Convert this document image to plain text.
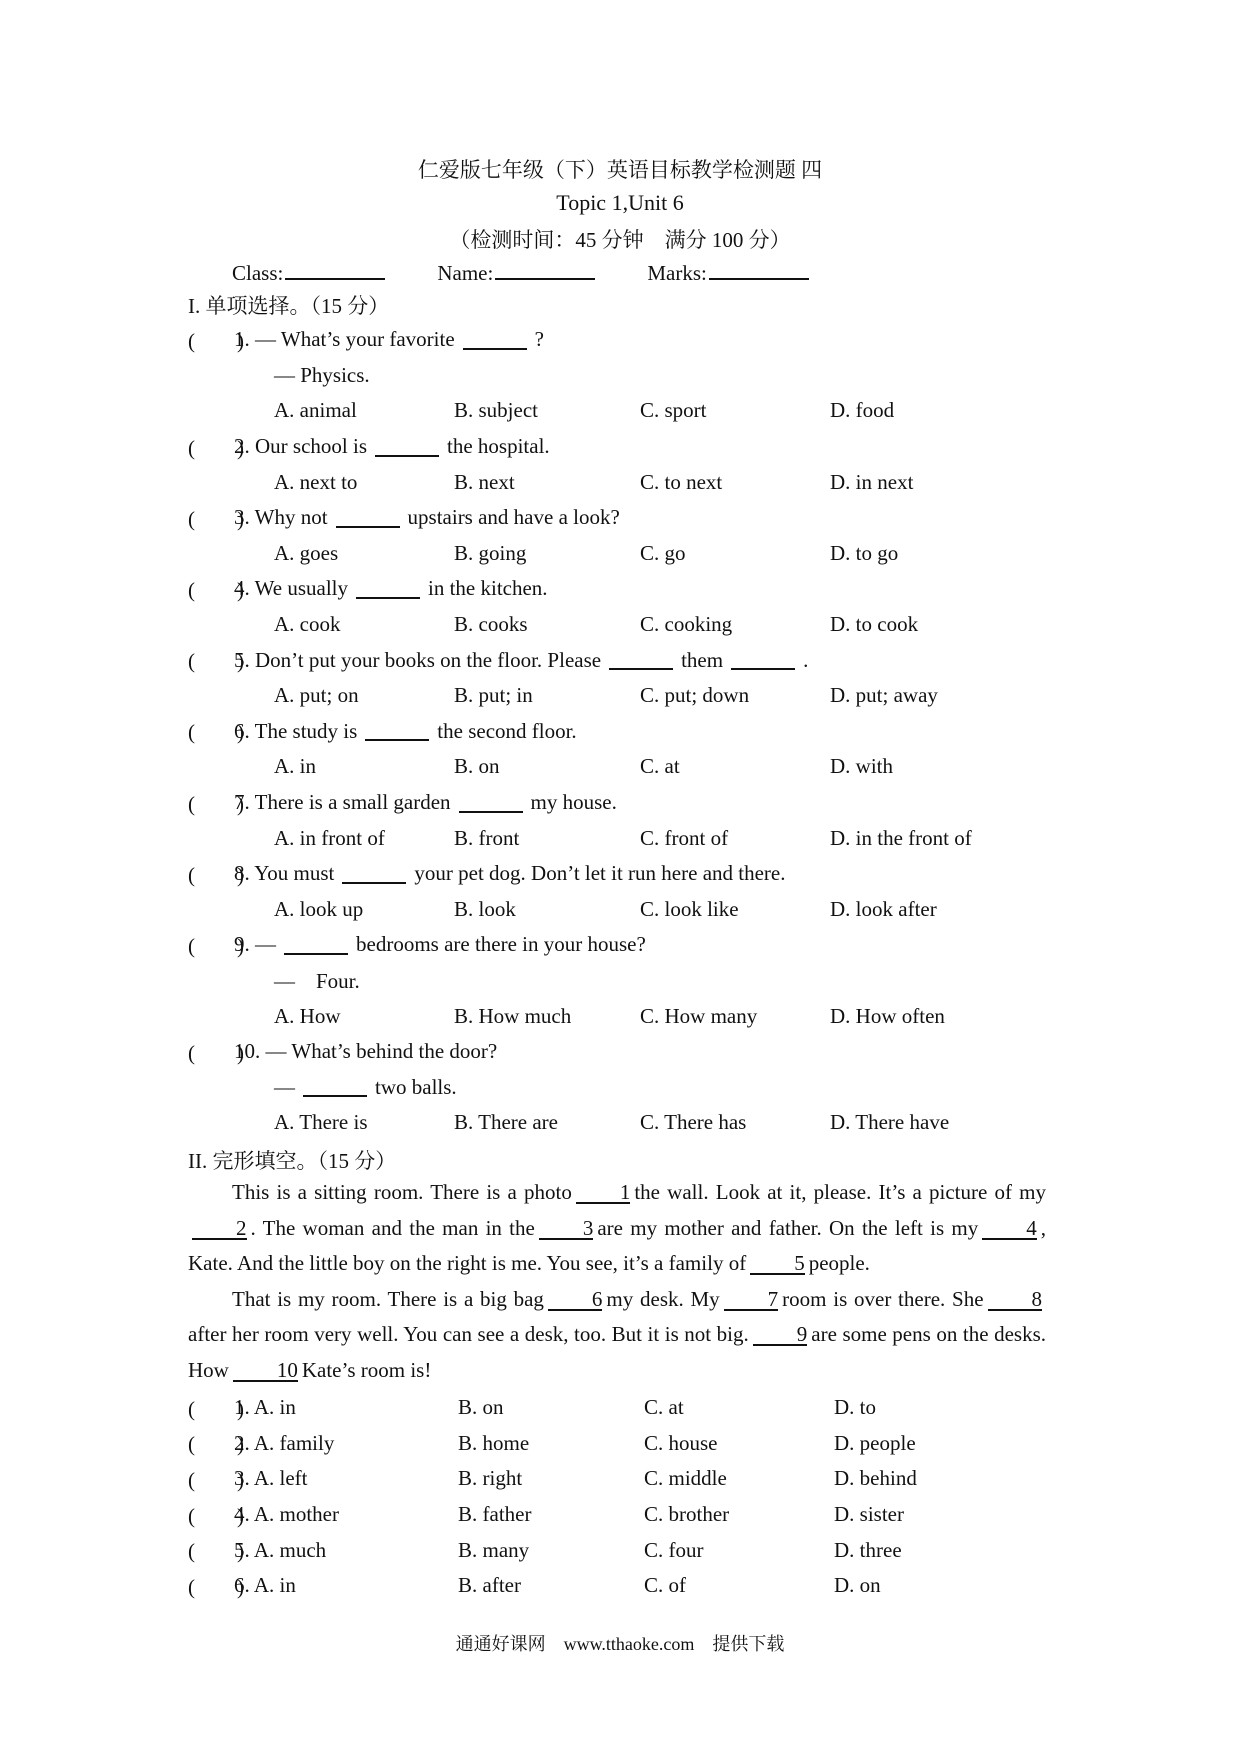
仁爱版七年级（下）英语目标教学检测题 四
Topic 1,Unit 6
（检测时间：45 分钟　满分 100 分）
Class:	Name:	Marks:
I. 单项选择。（15 分）
(　　)
1. — What’s your favorite	?
— Physics.
A. animal	B. subject	C. sport	D. food
(　　)
2. Our school is	the hospital.
A. next to	B. next	C. to next	D. in next
(　　)
3. Why not	upstairs and have a look?
A. goes	B. going	C. go	D. to go
(　　)
4. We usually	in the kitchen.
A. cook	B. cooks	C. cooking	D. to cook
(　　)
5. Don’t put your books on the floor. Please	them	.
A. put; on	B. put; in	C. put; down	D. put; away
(　　)
6. The study is	the second floor.
A. in	B. on	C. at	D. with
(　　)
7. There is a small garden	my house.
A. in front of	B. front	C. front of	D. in the front of
(　　)
8. You must	your pet dog. Don’t let it run here and there.
A. look up	B. look	C. look like	D. look after
(　　)
9. —	bedrooms are there in your house?
—　Four.
A. How	B. How much	C. How many	D. How often
(　　)
10. — What’s behind the door?
—	two balls.
A. There is	B. There are	C. There has	D. There have
II. 完形填空。（15 分）

This is a sitting room. There is a photo 1 the wall. Look at it, please. It’s a picture of my2 . The woman and the man in the 3 are my mother and father. On the left is my 4 , Kate. And the little boy on the right is me. You see, it’s a family of 5 people.

That is my room. There is a big bag 6 my desk. My 7 room is over there. She 8after her room very well. You can see a desk, too. But it is not big. 9 are some pens on the desks. How 10 Kate’s room is!

(　　)
1. A. in	B. on	C. at	D. to
(　　)
2. A. family	B. home	C. house	D. people
(　　)
3. A. left	B. right	C. middle	D. behind
(　　)
4. A. mother	B. father	C. brother	D. sister
(　　)
5. A. much	B. many	C. four	D. three
(　　)
6. A. in	B. after	C. of	D. on
通通好课网　www.tthaoke.com　提供下载
